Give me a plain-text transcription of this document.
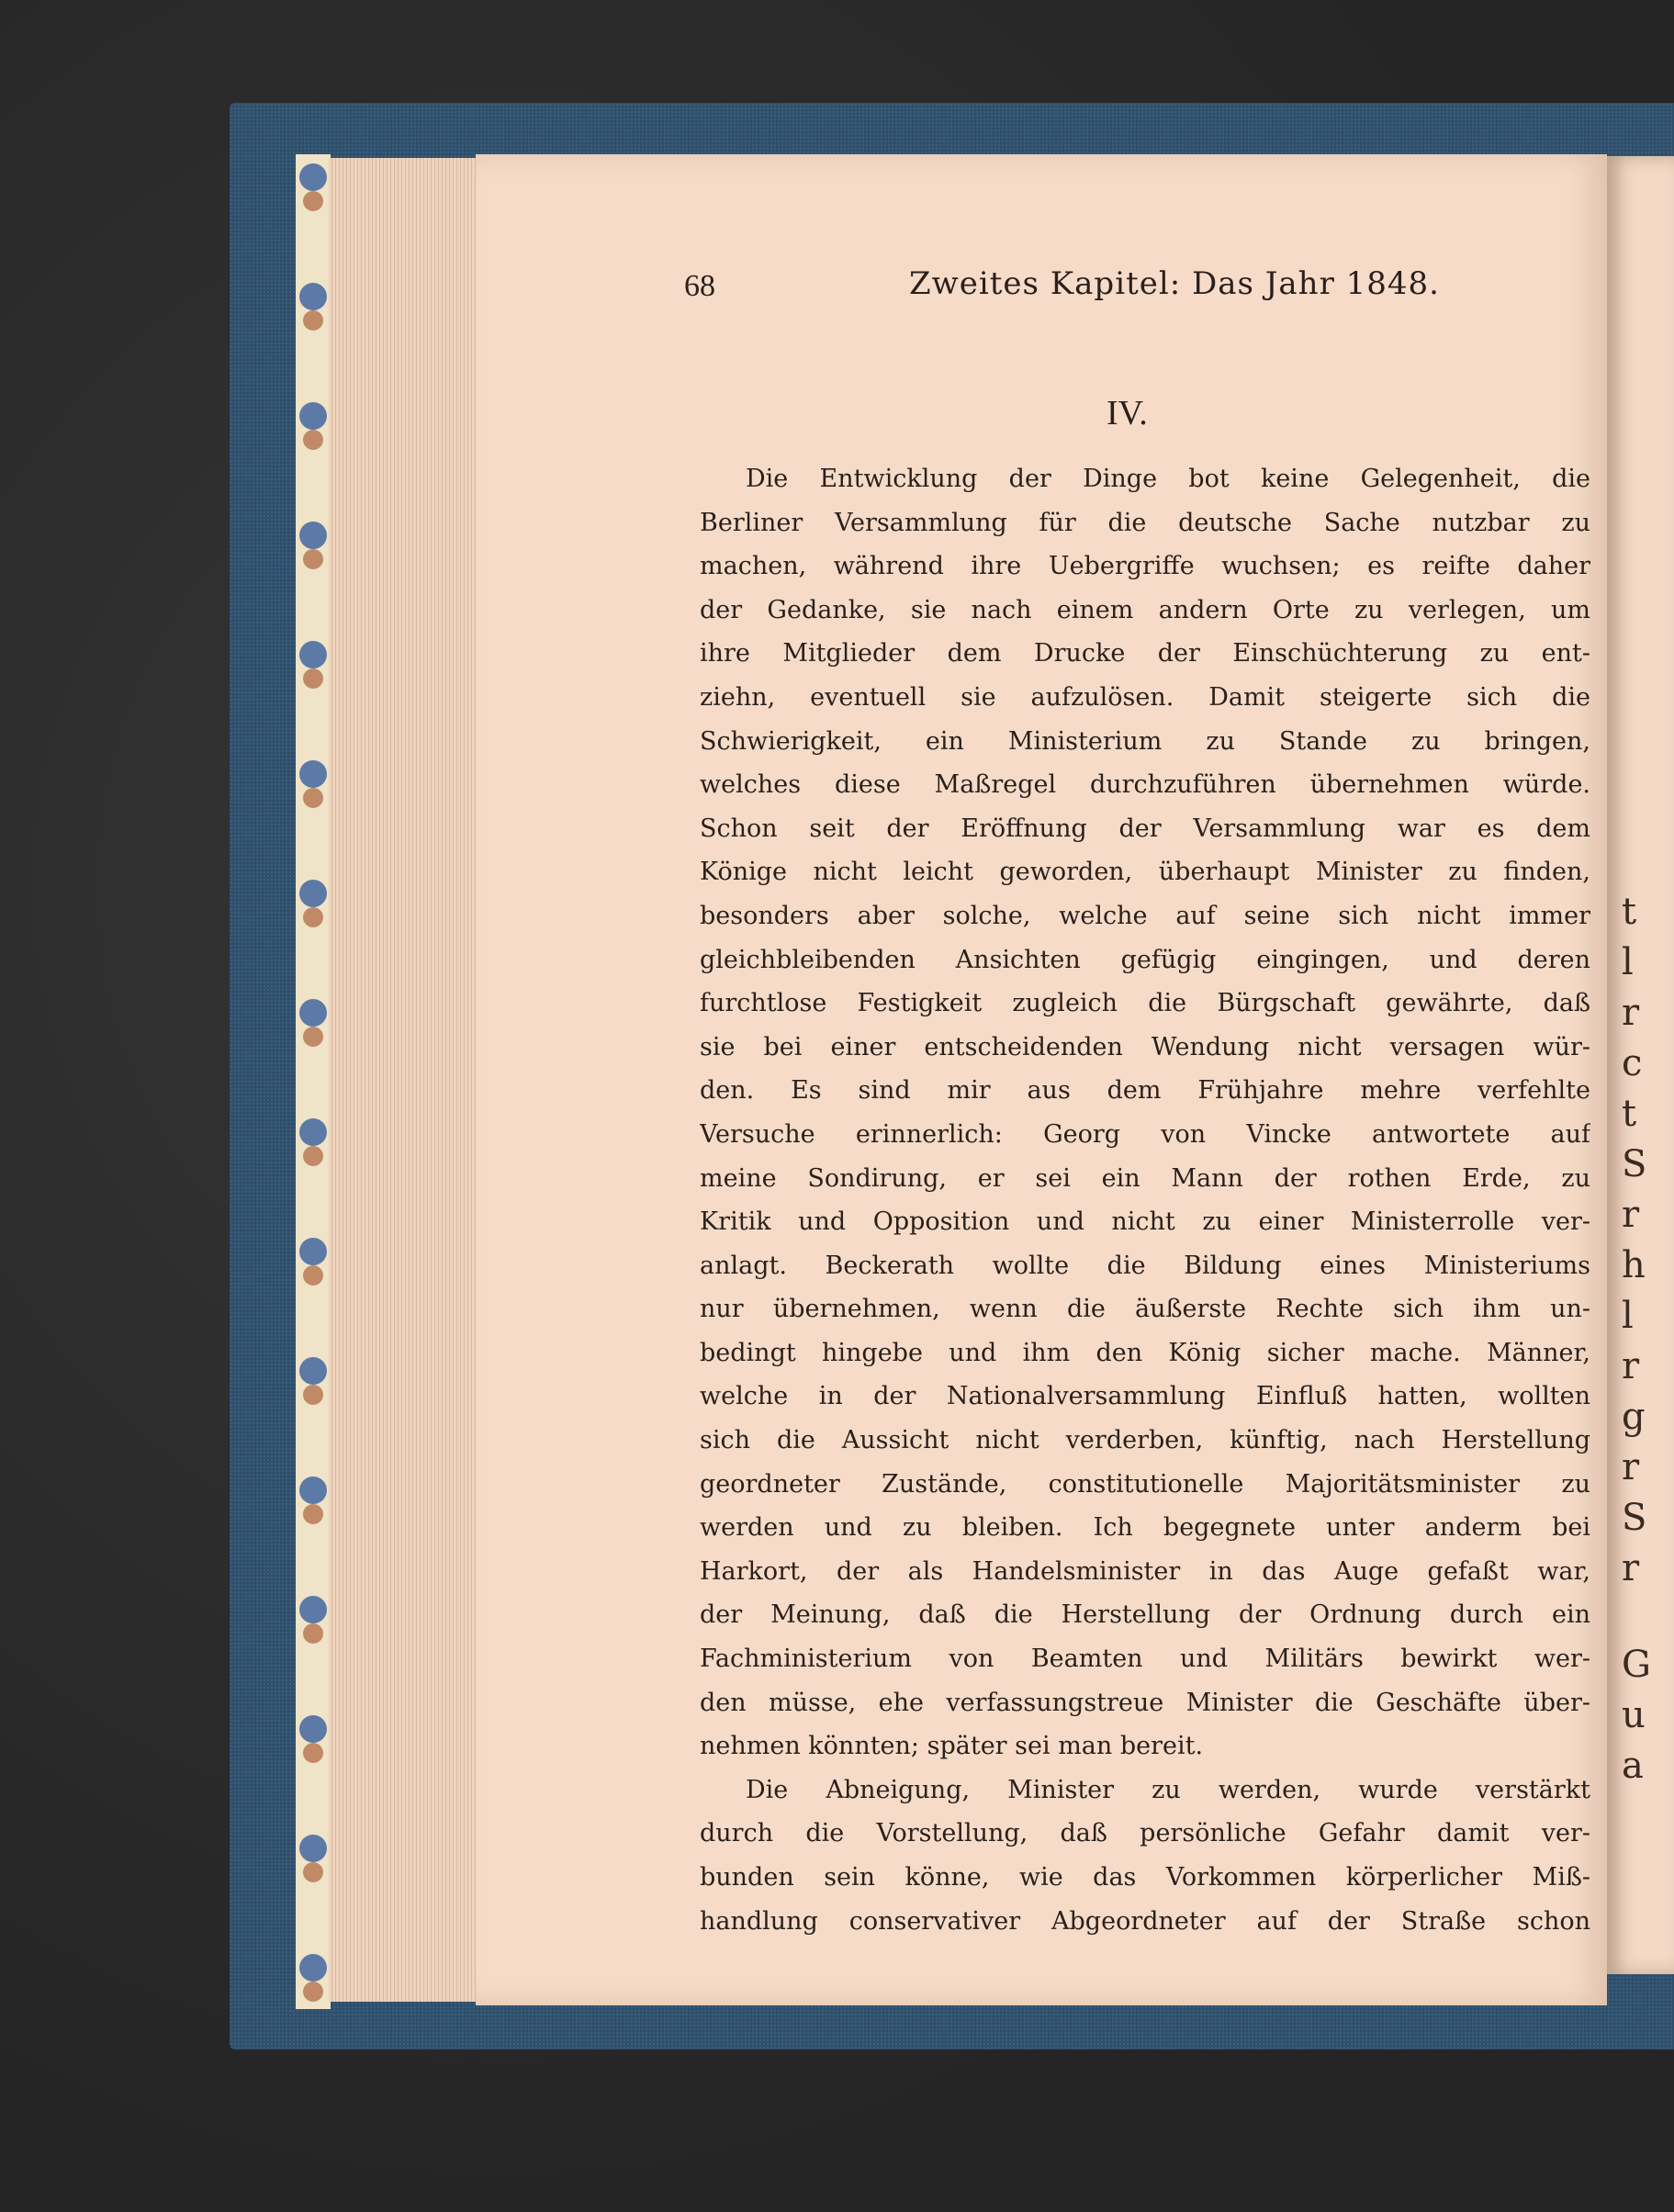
t
l
r
c
t
S
r
h
l
r
g
r
S
r
G
u
a
68	Zweites Kapitel: Das Jahr 1848.
IV.
Die Entwicklung der Dinge bot keine Gelegenheit, die
Berliner Versammlung für die deutsche Sache nutzbar zu
machen, während ihre Uebergriffe wuchsen; es reifte daher
der Gedanke, sie nach einem andern Orte zu verlegen, um
ihre Mitglieder dem Drucke der Einschüchterung zu ent-
ziehn, eventuell sie aufzulösen. Damit steigerte sich die
Schwierigkeit, ein Ministerium zu Stande zu bringen,
welches diese Maßregel durchzuführen übernehmen würde.
Schon seit der Eröffnung der Versammlung war es dem
Könige nicht leicht geworden, überhaupt Minister zu finden,
besonders aber solche, welche auf seine sich nicht immer
gleichbleibenden Ansichten gefügig eingingen, und deren
furchtlose Festigkeit zugleich die Bürgschaft gewährte, daß
sie bei einer entscheidenden Wendung nicht versagen wür-
den. Es sind mir aus dem Frühjahre mehre verfehlte
Versuche erinnerlich: Georg von Vincke antwortete auf
meine Sondirung, er sei ein Mann der rothen Erde, zu
Kritik und Opposition und nicht zu einer Ministerrolle ver-
anlagt. Beckerath wollte die Bildung eines Ministeriums
nur übernehmen, wenn die äußerste Rechte sich ihm un-
bedingt hingebe und ihm den König sicher mache. Männer,
welche in der Nationalversammlung Einfluß hatten, wollten
sich die Aussicht nicht verderben, künftig, nach Herstellung
geordneter Zustände, constitutionelle Majoritätsminister zu
werden und zu bleiben. Ich begegnete unter anderm bei
Harkort, der als Handelsminister in das Auge gefaßt war,
der Meinung, daß die Herstellung der Ordnung durch ein
Fachministerium von Beamten und Militärs bewirkt wer-
den müsse, ehe verfassungstreue Minister die Geschäfte über-
nehmen könnten; später sei man bereit.
Die Abneigung, Minister zu werden, wurde verstärkt
durch die Vorstellung, daß persönliche Gefahr damit ver-
bunden sein könne, wie das Vorkommen körperlicher Miß-
handlung conservativer Abgeordneter auf der Straße schon
